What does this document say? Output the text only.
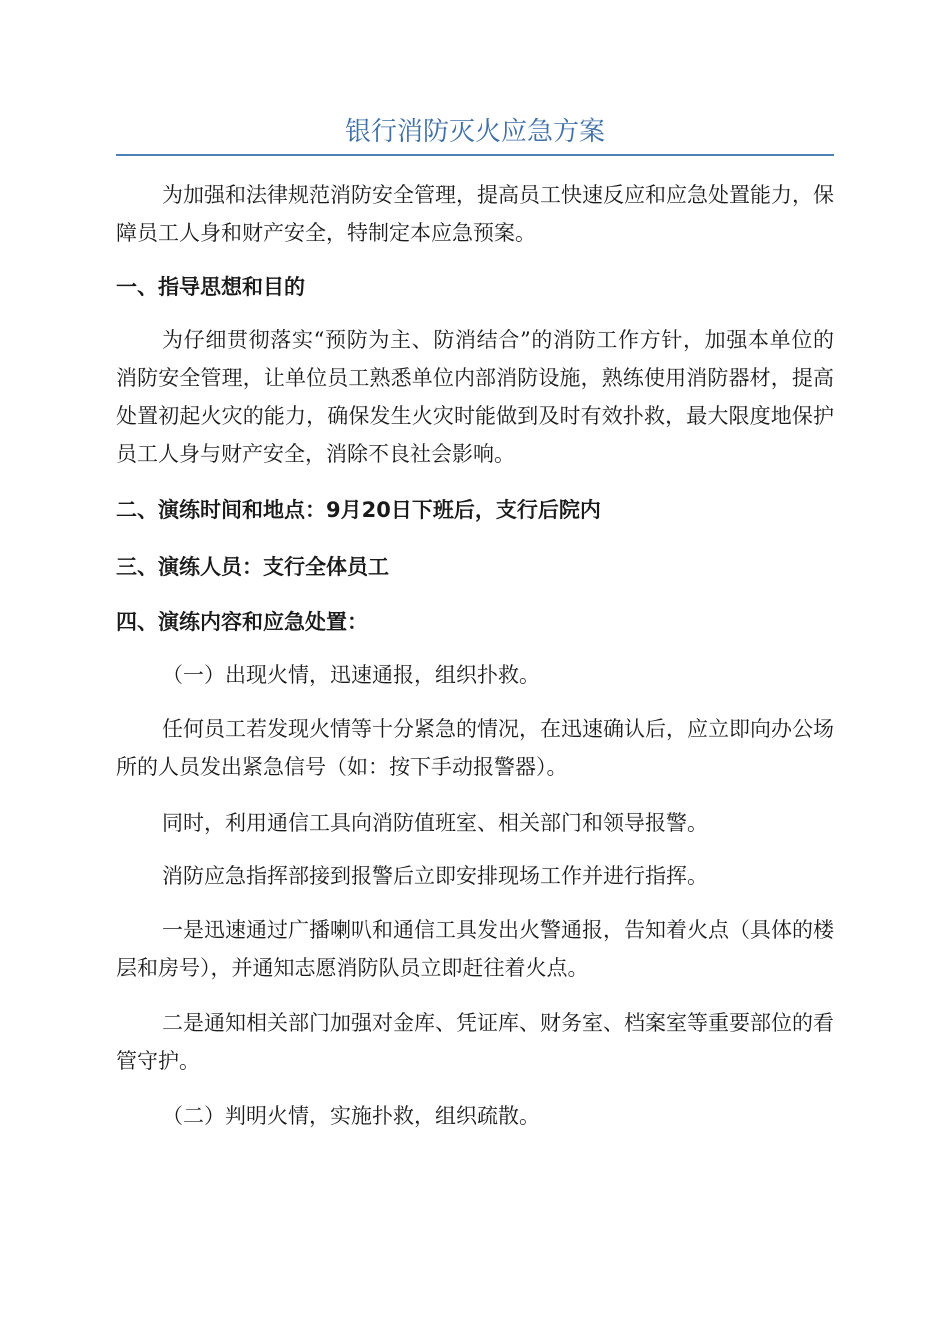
银行消防灭火应急方案

为加强和法律规范消防安全管理，提高员工快速反应和应急处置能力，保障员工人身和财产安全，特制定本应急预案。

一、指导思想和目的

为仔细贯彻落实“预防为主、防消结合”的消防工作方针，加强本单位的消防安全管理，让单位员工熟悉单位内部消防设施，熟练使用消防器材，提高处置初起火灾的能力，确保发生火灾时能做到及时有效扑救，最大限度地保护员工人身与财产安全，消除不良社会影响。

二、演练时间和地点：9月20日下班后，支行后院内

三、演练人员：支行全体员工

四、演练内容和应急处置：

（一）出现火情，迅速通报，组织扑救。

任何员工若发现火情等十分紧急的情况，在迅速确认后，应立即向办公场所的人员发出紧急信号（如：按下手动报警器）。

同时，利用通信工具向消防值班室、相关部门和领导报警。

消防应急指挥部接到报警后立即安排现场工作并进行指挥。

一是迅速通过广播喇叭和通信工具发出火警通报，告知着火点（具体的楼层和房号），并通知志愿消防队员立即赶往着火点。

二是通知相关部门加强对金库、凭证库、财务室、档案室等重要部位的看管守护。

（二）判明火情，实施扑救，组织疏散。
